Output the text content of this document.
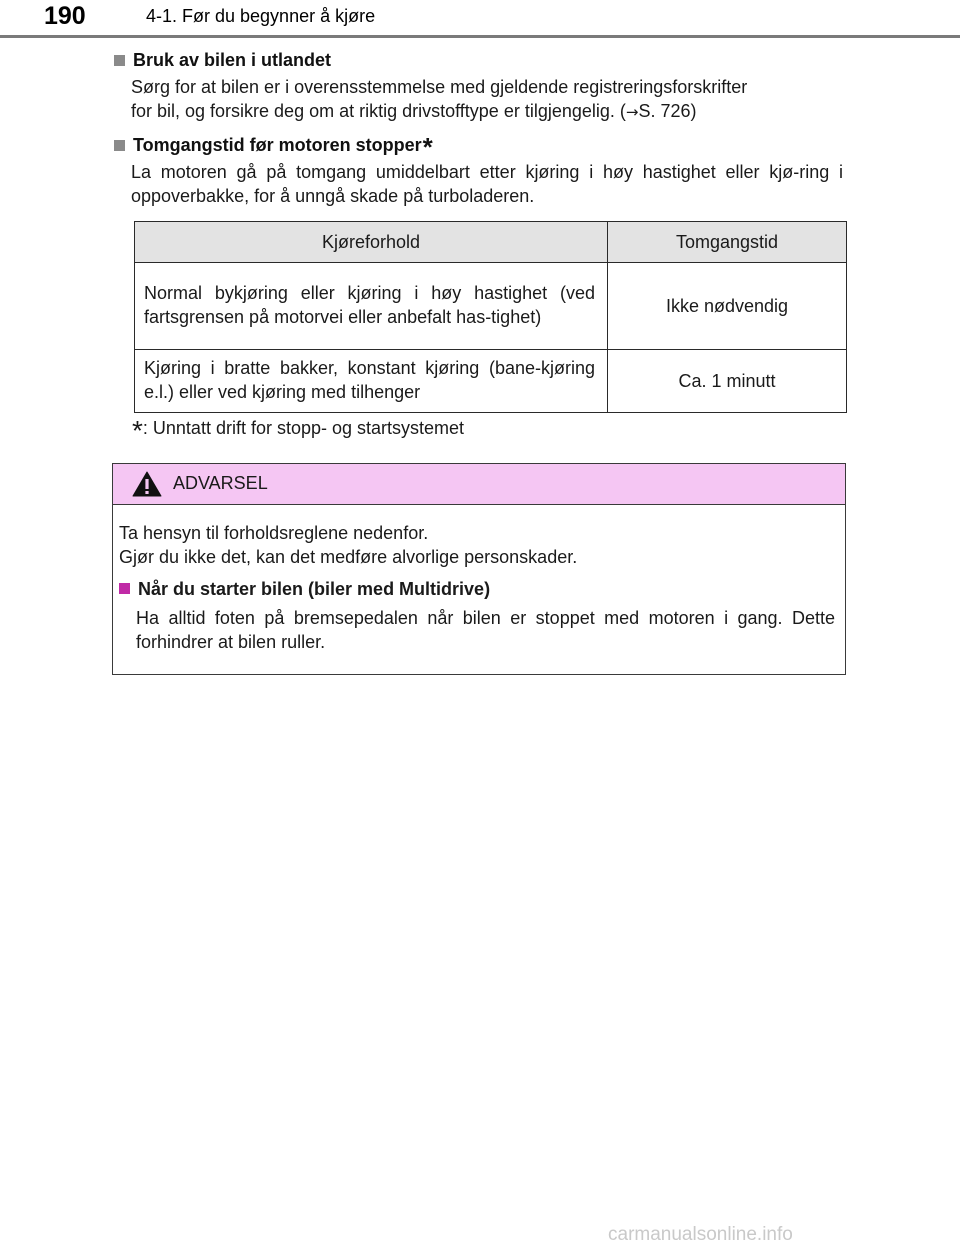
190	4-1. Før du begynner å kjøre
Bruk av bilen i utlandet
Sørg for at bilen er i overensstemmelse med gjeldende registreringsforskrifter
for bil, og forsikre deg om at riktig drivstofftype er tilgjengelig. (→S. 726)
Tomgangstid før motoren stopper*
La motoren gå på tomgang umiddelbart etter kjøring i høy hastighet eller kjø-ring i oppoverbakke, for å unngå skade på turboladeren.
Kjøreforhold	Tomgangstid
Normal bykjøring eller kjøring i høy hastighet (ved fartsgrensen på motorvei eller anbefalt has-tighet)	Ikke nødvendig
Kjøring i bratte bakker, konstant kjøring (bane-kjøring e.l.) eller ved kjøring med tilhenger	Ca. 1 minutt
*: Unntatt drift for stopp- og startsystemet
ADVARSEL
Ta hensyn til forholdsreglene nedenfor.
Gjør du ikke det, kan det medføre alvorlige personskader.
Når du starter bilen (biler med Multidrive)
Ha alltid foten på bremsepedalen når bilen er stoppet med motoren i gang. Dette forhindrer at bilen ruller.
carmanualsonline.info
